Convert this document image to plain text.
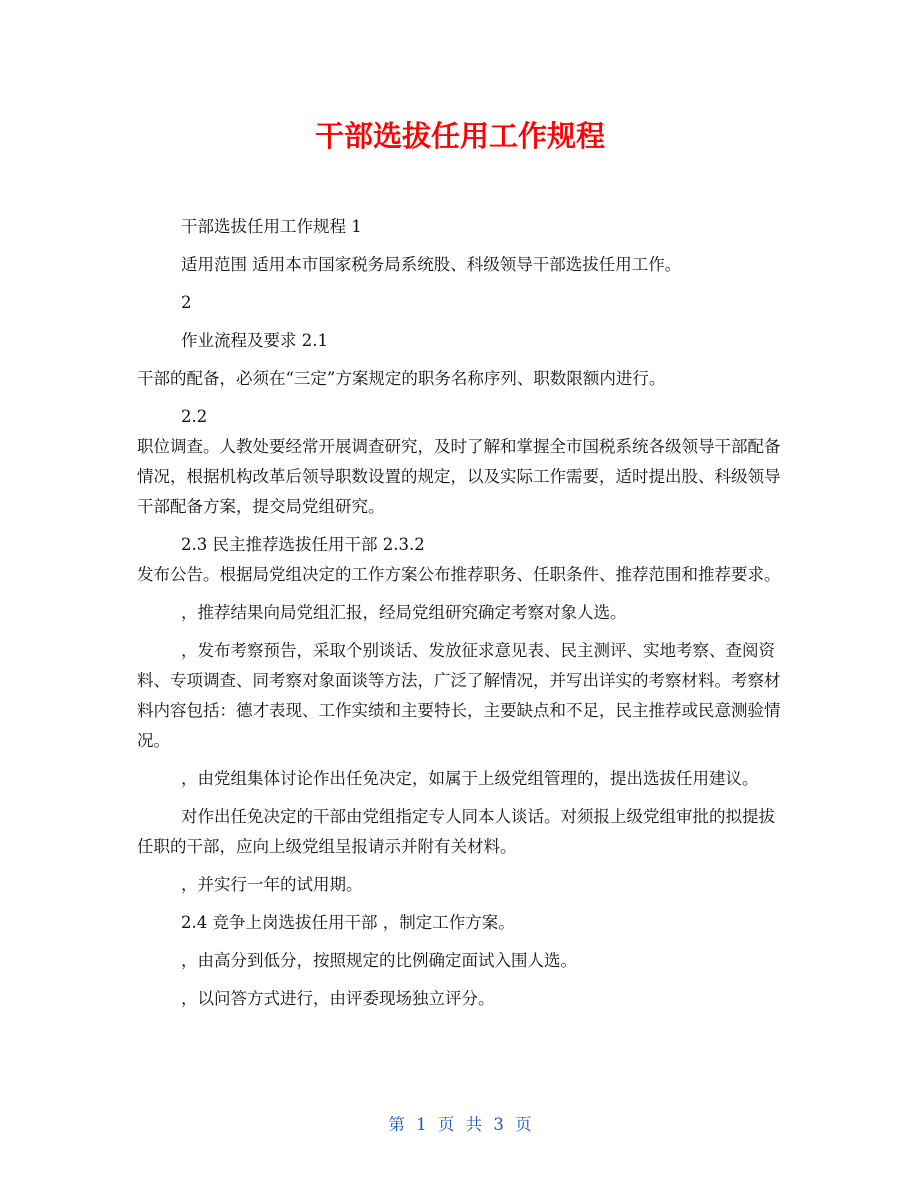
干部选拔任用工作规程

干部选拔任用工作规程 1

适用范围 适用本市国家税务局系统股、科级领导干部选拔任用工作。

2

作业流程及要求 2.1

干部的配备，必须在“三定”方案规定的职务名称序列、职数限额内进行。

2.2

职位调查。人教处要经常开展调查研究，及时了解和掌握全市国税系统各级领导干部配备情况，根据机构改革后领导职数设置的规定，以及实际工作需要，适时提出股、科级领导干部配备方案，提交局党组研究。

2.3 民主推荐选拔任用干部 2.3.2

发布公告。根据局党组决定的工作方案公布推荐职务、任职条件、推荐范围和推荐要求。

，推荐结果向局党组汇报，经局党组研究确定考察对象人选。

，发布考察预告，采取个别谈话、发放征求意见表、民主测评、实地考察、查阅资料、专项调查、同考察对象面谈等方法，广泛了解情况，并写出详实的考察材料。考察材料内容包括：德才表现、工作实绩和主要特长，主要缺点和不足，民主推荐或民意测验情况。

，由党组集体讨论作出任免决定，如属于上级党组管理的，提出选拔任用建议。

对作出任免决定的干部由党组指定专人同本人谈话。对须报上级党组审批的拟提拔任职的干部，应向上级党组呈报请示并附有关材料。

，并实行一年的试用期。

2.4 竞争上岗选拔任用干部 ，制定工作方案。

，由高分到低分，按照规定的比例确定面试入围人选。

，以问答方式进行，由评委现场独立评分。

第 1 页 共 3 页
